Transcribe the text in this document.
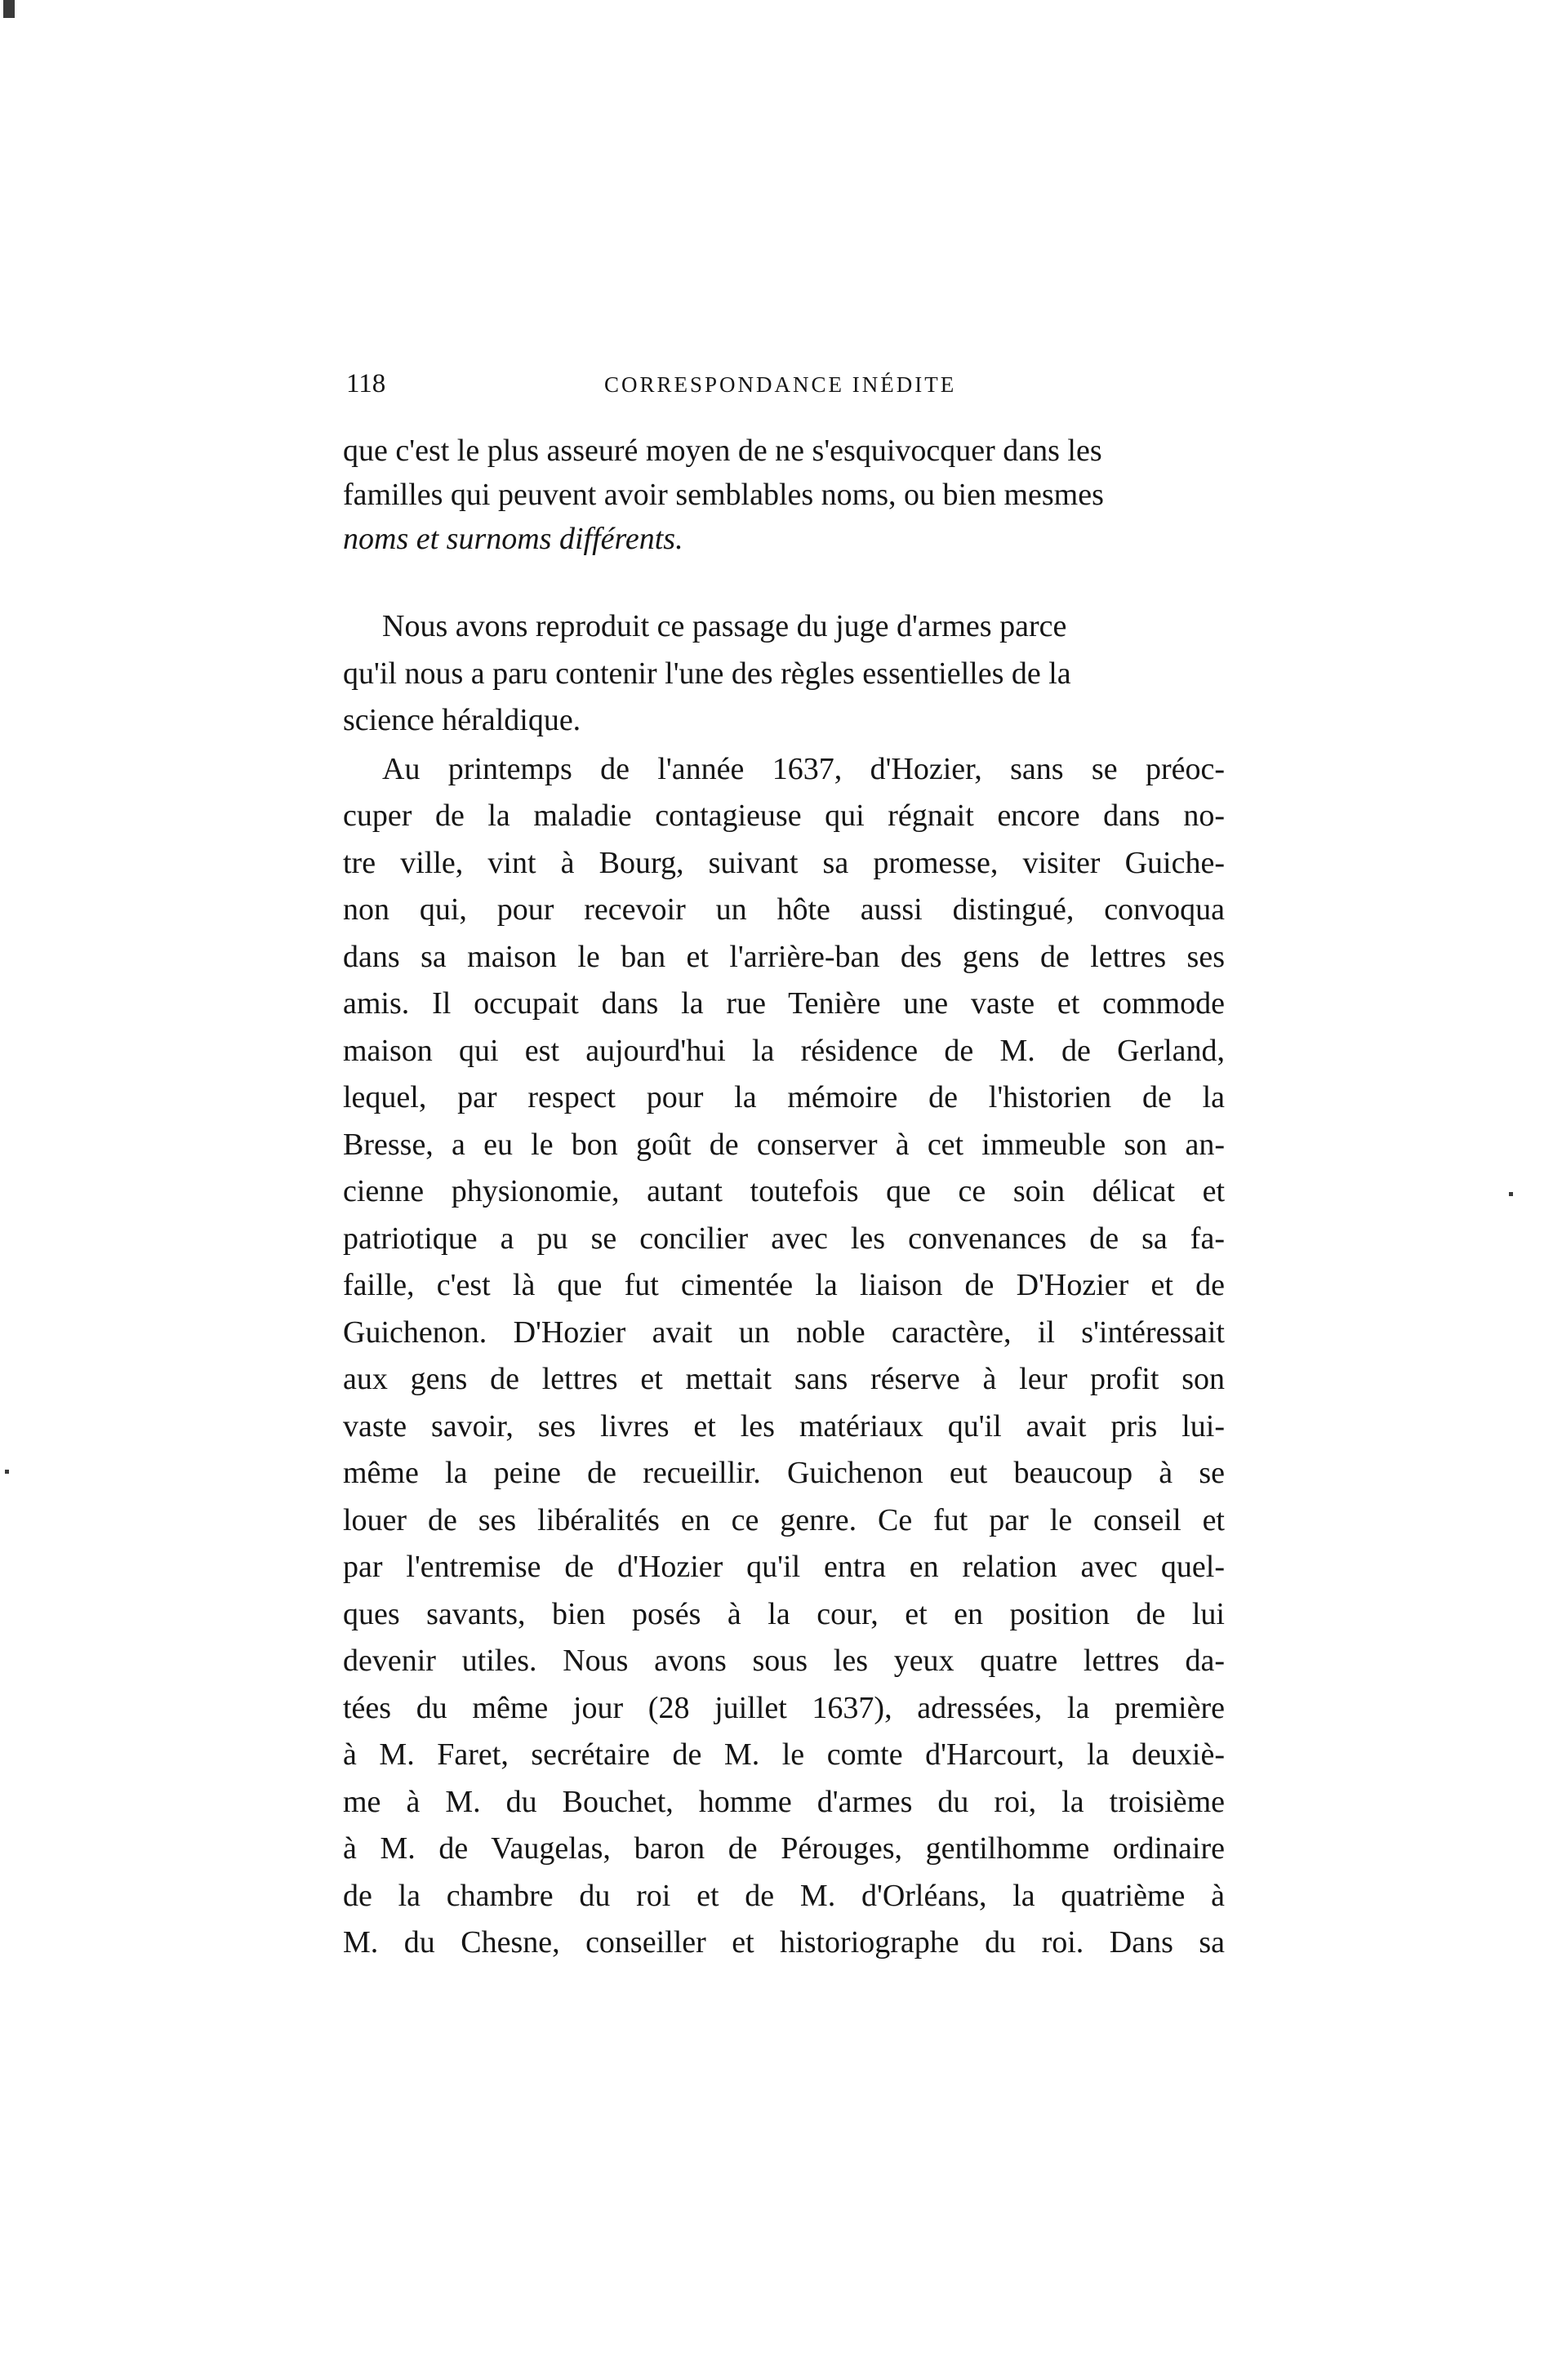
118	CORRESPONDANCE INÉDITE

que c'est le plus asseuré moyen de ne s'esquivocquer dans les
familles qui peuvent avoir semblables noms, ou bien mesmes
noms et surnoms différents.

Nous avons reproduit ce passage du juge d'armes parce
qu'il nous a paru contenir l'une des règles essentielles de la
science héraldique.

Au printemps de l'année 1637, d'Hozier, sans se préoc-
cuper de la maladie contagieuse qui régnait encore dans no-
tre ville, vint à Bourg, suivant sa promesse, visiter Guiche-
non qui, pour recevoir un hôte aussi distingué, convoqua
dans sa maison le ban et l'arrière-ban des gens de lettres ses
amis. Il occupait dans la rue Tenière une vaste et commode
maison qui est aujourd'hui la résidence de M. de Gerland,
lequel, par respect pour la mémoire de l'historien de la
Bresse, a eu le bon goût de conserver à cet immeuble son an-
cienne physionomie, autant toutefois que ce soin délicat et
patriotique a pu se concilier avec les convenances de sa fa-
faille, c'est là que fut cimentée la liaison de D'Hozier et de
Guichenon. D'Hozier avait un noble caractère, il s'intéressait
aux gens de lettres et mettait sans réserve à leur profit son
vaste savoir, ses livres et les matériaux qu'il avait pris lui-
même la peine de recueillir. Guichenon eut beaucoup à se
louer de ses libéralités en ce genre. Ce fut par le conseil et
par l'entremise de d'Hozier qu'il entra en relation avec quel-
ques savants, bien posés à la cour, et en position de lui
devenir utiles. Nous avons sous les yeux quatre lettres da-
tées du même jour (28 juillet 1637), adressées, la première
à M. Faret, secrétaire de M. le comte d'Harcourt, la deuxiè-
me à M. du Bouchet, homme d'armes du roi, la troisième
à M. de Vaugelas, baron de Pérouges, gentilhomme ordinaire
de la chambre du roi et de M. d'Orléans, la quatrième à
M. du Chesne, conseiller et historiographe du roi. Dans sa
